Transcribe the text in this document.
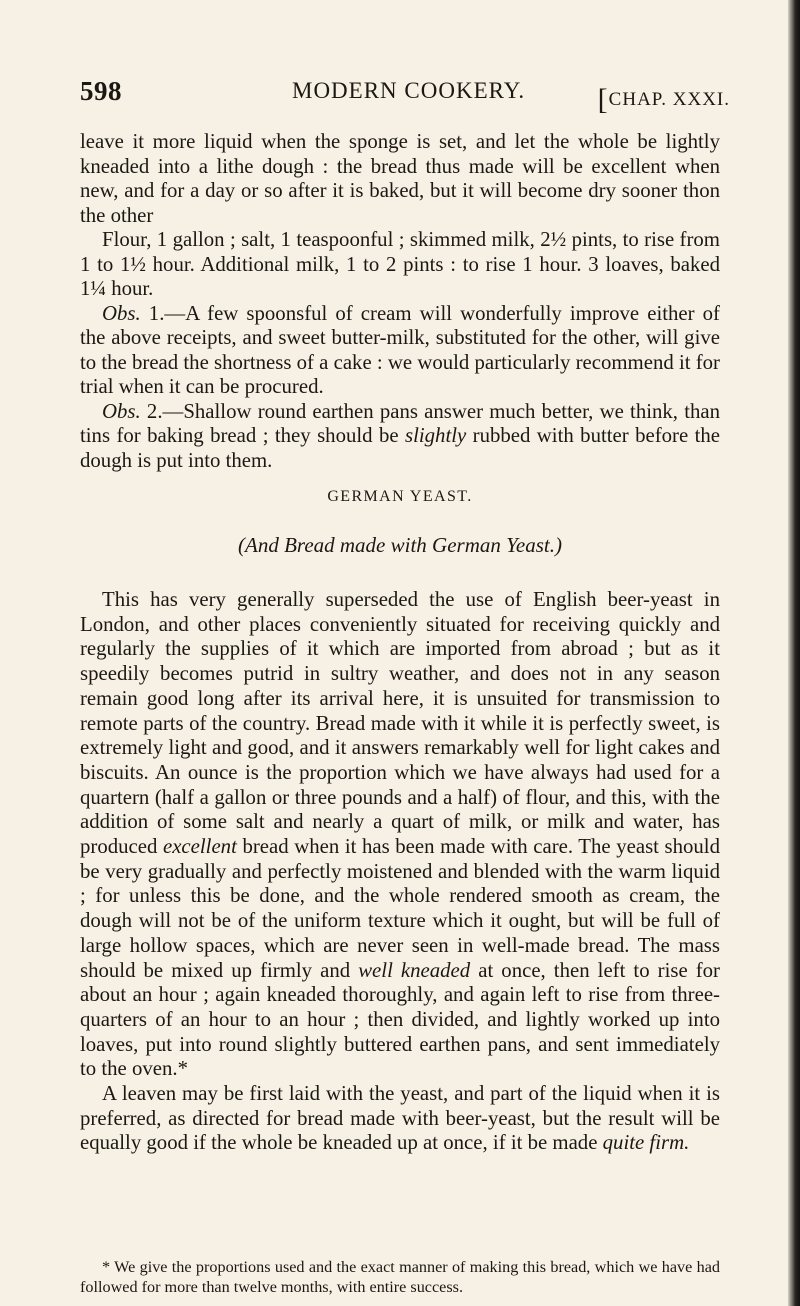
598	MODERN COOKERY. [CHAP. XXXI.

leave it more liquid when the sponge is set, and let the whole be lightly kneaded into a lithe dough : the bread thus made will be excellent when new, and for a day or so after it is baked, but it will become dry sooner thon the other

Flour, 1 gallon ; salt, 1 teaspoonful ; skimmed milk, 2½ pints, to rise from 1 to 1½ hour. Additional milk, 1 to 2 pints : to rise 1 hour. 3 loaves, baked 1¼ hour.

Obs. 1.—A few spoonsful of cream will wonderfully improve either of the above receipts, and sweet butter-milk, substituted for the other, will give to the bread the shortness of a cake : we would particularly recommend it for trial when it can be procured.

Obs. 2.—Shallow round earthen pans answer much better, we think, than tins for baking bread ; they should be slightly rubbed with butter before the dough is put into them.

GERMAN YEAST.
(And Bread made with German Yeast.)

This has very generally superseded the use of English beer-yeast in London, and other places conveniently situated for receiving quickly and regularly the supplies of it which are imported from abroad ; but as it speedily becomes putrid in sultry weather, and does not in any season remain good long after its arrival here, it is unsuited for transmission to remote parts of the country. Bread made with it while it is perfectly sweet, is extremely light and good, and it answers remarkably well for light cakes and biscuits. An ounce is the proportion which we have always had used for a quartern (half a gallon or three pounds and a half) of flour, and this, with the addition of some salt and nearly a quart of milk, or milk and water, has produced excellent bread when it has been made with care. The yeast should be very gradually and perfectly moistened and blended with the warm liquid ; for unless this be done, and the whole rendered smooth as cream, the dough will not be of the uniform texture which it ought, but will be full of large hollow spaces, which are never seen in well-made bread. The mass should be mixed up firmly and well kneaded at once, then left to rise for about an hour ; again kneaded thoroughly, and again left to rise from three-quarters of an hour to an hour ; then divided, and lightly worked up into loaves, put into round slightly buttered earthen pans, and sent immediately to the oven.*

A leaven may be first laid with the yeast, and part of the liquid when it is preferred, as directed for bread made with beer-yeast, but the result will be equally good if the whole be kneaded up at once, if it be made quite firm.

* We give the proportions used and the exact manner of making this bread, which we have had followed for more than twelve months, with entire success.
